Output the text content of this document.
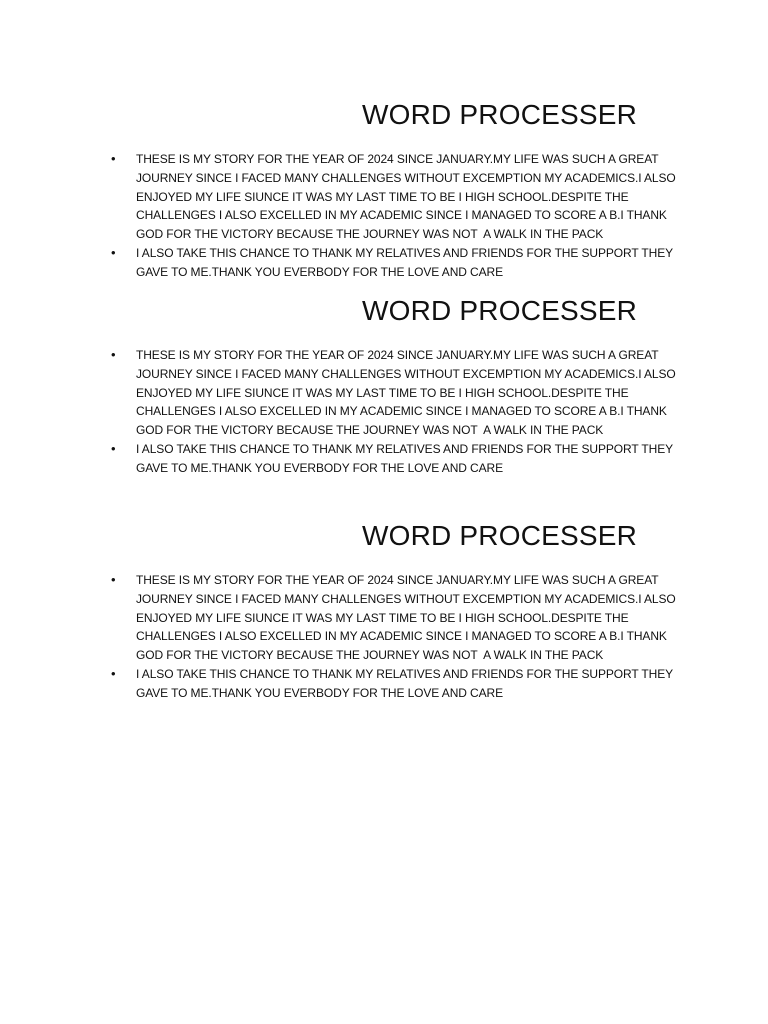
WORD PROCESSER
• THESE IS MY STORY FOR THE YEAR OF 2024 SINCE JANUARY.MY LIFE WAS SUCH A GREAT JOURNEY SINCE I FACED MANY CHALLENGES WITHOUT EXCEMPTION MY ACADEMICS.I ALSO ENJOYED MY LIFE SIUNCE IT WAS MY LAST TIME TO BE I HIGH SCHOOL.DESPITE THE CHALLENGES I ALSO EXCELLED IN MY ACADEMIC SINCE I MANAGED TO SCORE A B.I THANK GOD FOR THE VICTORY BECAUSE THE JOURNEY WAS NOT  A WALK IN THE PACK
• I ALSO TAKE THIS CHANCE TO THANK MY RELATIVES AND FRIENDS FOR THE SUPPORT THEY GAVE TO ME.THANK YOU EVERBODY FOR THE LOVE AND CARE
WORD PROCESSER
• THESE IS MY STORY FOR THE YEAR OF 2024 SINCE JANUARY.MY LIFE WAS SUCH A GREAT JOURNEY SINCE I FACED MANY CHALLENGES WITHOUT EXCEMPTION MY ACADEMICS.I ALSO ENJOYED MY LIFE SIUNCE IT WAS MY LAST TIME TO BE I HIGH SCHOOL.DESPITE THE CHALLENGES I ALSO EXCELLED IN MY ACADEMIC SINCE I MANAGED TO SCORE A B.I THANK GOD FOR THE VICTORY BECAUSE THE JOURNEY WAS NOT  A WALK IN THE PACK
• I ALSO TAKE THIS CHANCE TO THANK MY RELATIVES AND FRIENDS FOR THE SUPPORT THEY GAVE TO ME.THANK YOU EVERBODY FOR THE LOVE AND CARE
WORD PROCESSER
• THESE IS MY STORY FOR THE YEAR OF 2024 SINCE JANUARY.MY LIFE WAS SUCH A GREAT JOURNEY SINCE I FACED MANY CHALLENGES WITHOUT EXCEMPTION MY ACADEMICS.I ALSO ENJOYED MY LIFE SIUNCE IT WAS MY LAST TIME TO BE I HIGH SCHOOL.DESPITE THE CHALLENGES I ALSO EXCELLED IN MY ACADEMIC SINCE I MANAGED TO SCORE A B.I THANK GOD FOR THE VICTORY BECAUSE THE JOURNEY WAS NOT  A WALK IN THE PACK
• I ALSO TAKE THIS CHANCE TO THANK MY RELATIVES AND FRIENDS FOR THE SUPPORT THEY GAVE TO ME.THANK YOU EVERBODY FOR THE LOVE AND CARE
